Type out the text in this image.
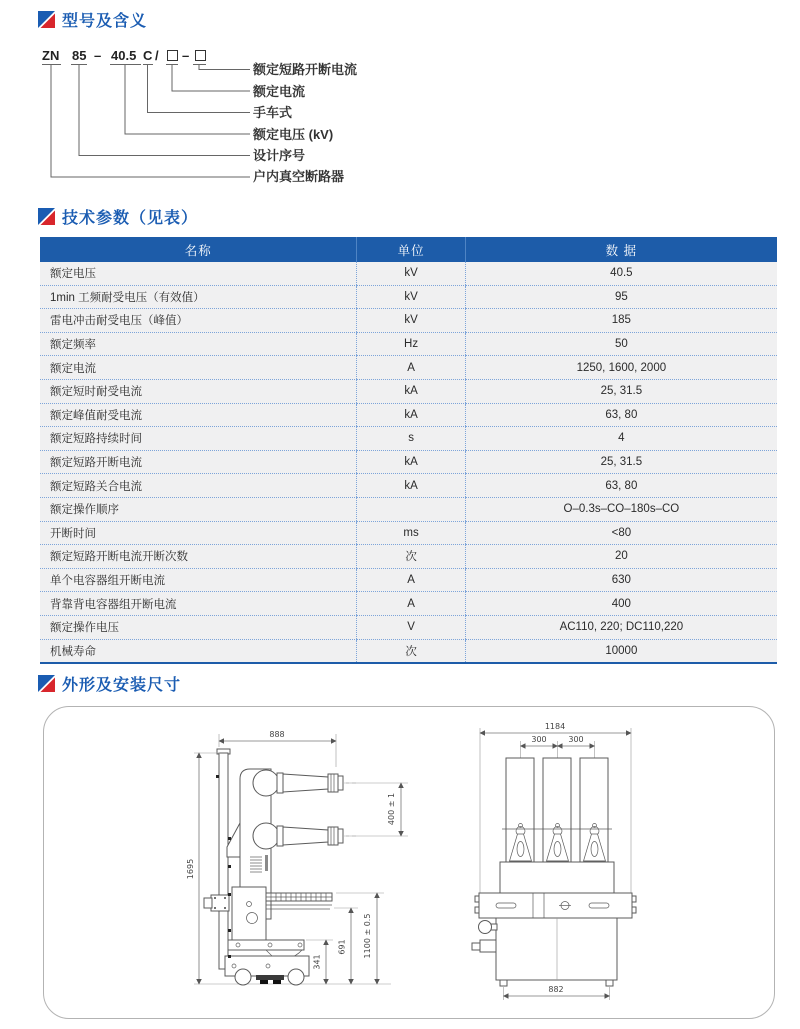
型号及含义
ZN 85 – 40.5 C / –
额定短路开断电流
额定电流
手车式
额定电压 (kV)
设计序号
户内真空断路器
技术参数（见表）
名称	单位	数 据
额定电压	kV	40.5
1min 工频耐受电压（有效值）	kV	95
雷电冲击耐受电压（峰值）	kV	185
额定频率	Hz	50
额定电流	A	1250, 1600, 2000
额定短时耐受电流	kA	25, 31.5
额定峰值耐受电流	kA	63, 80
额定短路持续时间	s	4
额定短路开断电流	kA	25, 31.5
额定短路关合电流	kA	63, 80
额定操作顺序		O–0.3s–CO–180s–CO
开断时间	ms	<80
额定短路开断电流开断次数	次	20
单个电容器组开断电流	A	630
背靠背电容器组开断电流	A	400
额定操作电压	V	AC110, 220; DC110,220
机械寿命	次	10000
外形及安装尺寸
888
1695
400 ± 1
1100 ± 0.5
691
341
1184
300	300
882
